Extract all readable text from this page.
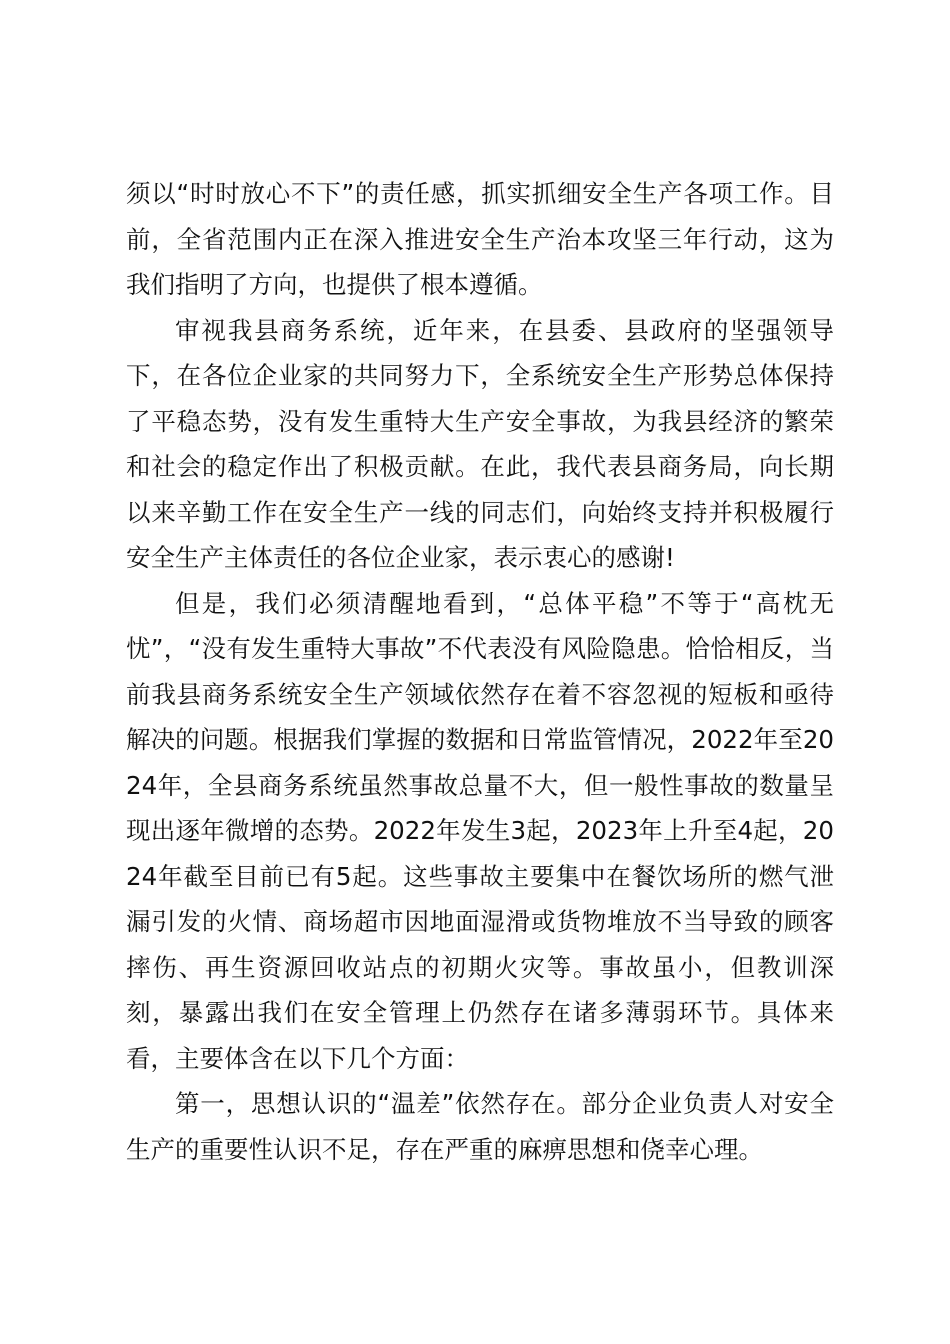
须以“时时放心不下”的责任感，抓实抓细安全生产各项工作。目前，全省范围内正在深入推进安全生产治本攻坚三年行动，这为我们指明了方向，也提供了根本遵循。

审视我县商务系统，近年来，在县委、县政府的坚强领导下，在各位企业家的共同努力下，全系统安全生产形势总体保持了平稳态势，没有发生重特大生产安全事故，为我县经济的繁荣和社会的稳定作出了积极贡献。在此，我代表县商务局，向长期以来辛勤工作在安全生产一线的同志们，向始终支持并积极履行安全生产主体责任的各位企业家，表示衷心的感谢!

但是，我们必须清醒地看到，“总体平稳”不等于“高枕无忧”，“没有发生重特大事故”不代表没有风险隐患。恰恰相反，当前我县商务系统安全生产领域依然存在着不容忽视的短板和亟待解决的问题。根据我们掌握的数据和日常监管情况，2022年至2024年，全县商务系统虽然事故总量不大，但一般性事故的数量呈现出逐年微增的态势。2022年发生3起，2023年上升至4起，2024年截至目前已有5起。这些事故主要集中在餐饮场所的燃气泄漏引发的火情、商场超市因地面湿滑或货物堆放不当导致的顾客摔伤、再生资源回收站点的初期火灾等。事故虽小，但教训深刻，暴露出我们在安全管理上仍然存在诸多薄弱环节。具体来看，主要体含在以下几个方面：

第一，思想认识的“温差”依然存在。部分企业负责人对安全生产的重要性认识不足，存在严重的麻痹思想和侥幸心理。
